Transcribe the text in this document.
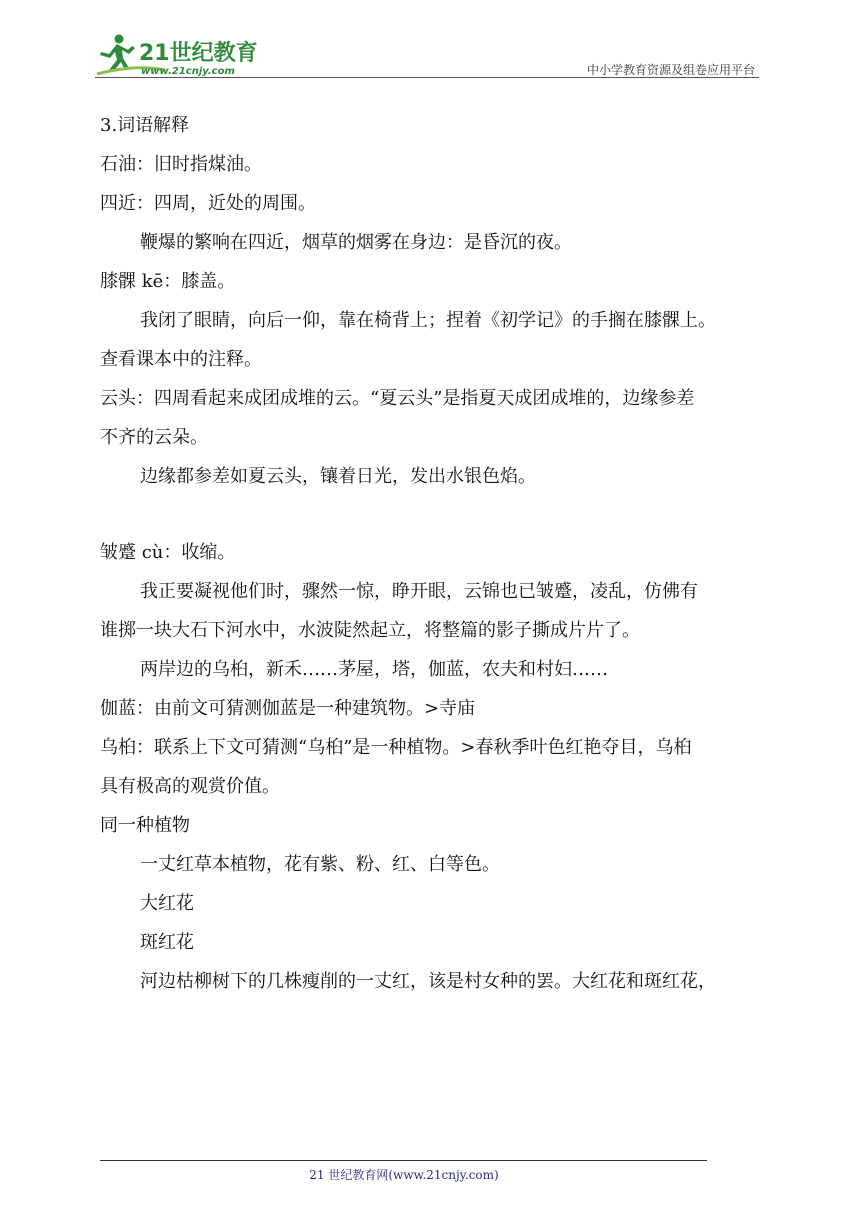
21世纪教育
www.21cnjy.com	中小学教育资源及组卷应用平台
3.词语解释
石油：旧时指煤油。
四近：四周，近处的周围。
鞭爆的繁响在四近，烟草的烟雾在身边：是昏沉的夜。
膝髁 kē：膝盖。
我闭了眼睛，向后一仰，靠在椅背上；捏着《初学记》的手搁在膝髁上。
查看课本中的注释。
云头：四周看起来成团成堆的云。“夏云头”是指夏天成团成堆的，边缘参差
不齐的云朵。
边缘都参差如夏云头，镶着日光，发出水银色焰。
皱蹙 cù：收缩。
我正要凝视他们时，骤然一惊，睁开眼，云锦也已皱蹙，凌乱，仿佛有
谁掷一块大石下河水中，水波陡然起立，将整篇的影子撕成片片了。
两岸边的乌桕，新禾……茅屋，塔，伽蓝，农夫和村妇……
伽蓝：由前文可猜测伽蓝是一种建筑物。>寺庙
乌桕：联系上下文可猜测“乌桕”是一种植物。>春秋季叶色红艳夺目，乌桕
具有极高的观赏价值。
同一种植物
一丈红草本植物，花有紫、粉、红、白等色。
大红花
斑红花
河边枯柳树下的几株瘦削的一丈红，该是村女种的罢。大红花和斑红花，
21 世纪教育网(www.21cnjy.com)
